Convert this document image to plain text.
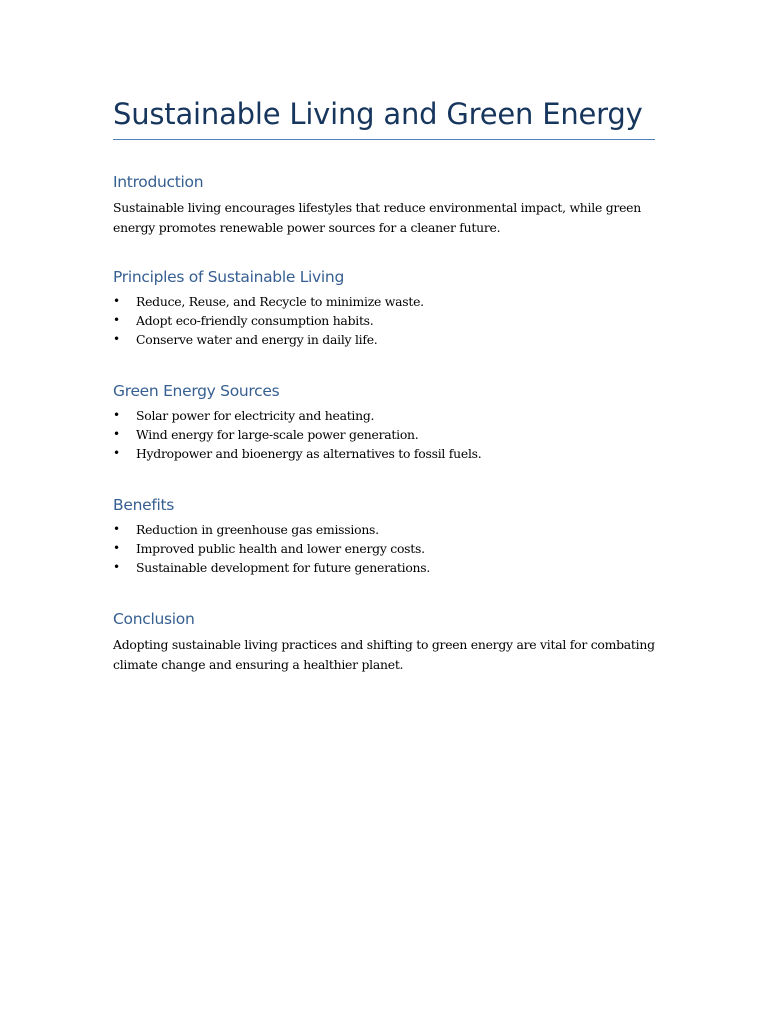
Sustainable Living and Green Energy
Introduction

Sustainable living encourages lifestyles that reduce environmental impact, while green energy promotes renewable power sources for a cleaner future.

Principles of Sustainable Living
• Reduce, Reuse, and Recycle to minimize waste.
• Adopt eco-friendly consumption habits.
• Conserve water and energy in daily life.
Green Energy Sources
• Solar power for electricity and heating.
• Wind energy for large-scale power generation.
• Hydropower and bioenergy as alternatives to fossil fuels.
Benefits
• Reduction in greenhouse gas emissions.
• Improved public health and lower energy costs.
• Sustainable development for future generations.
Conclusion

Adopting sustainable living practices and shifting to green energy are vital for combating climate change and ensuring a healthier planet.
